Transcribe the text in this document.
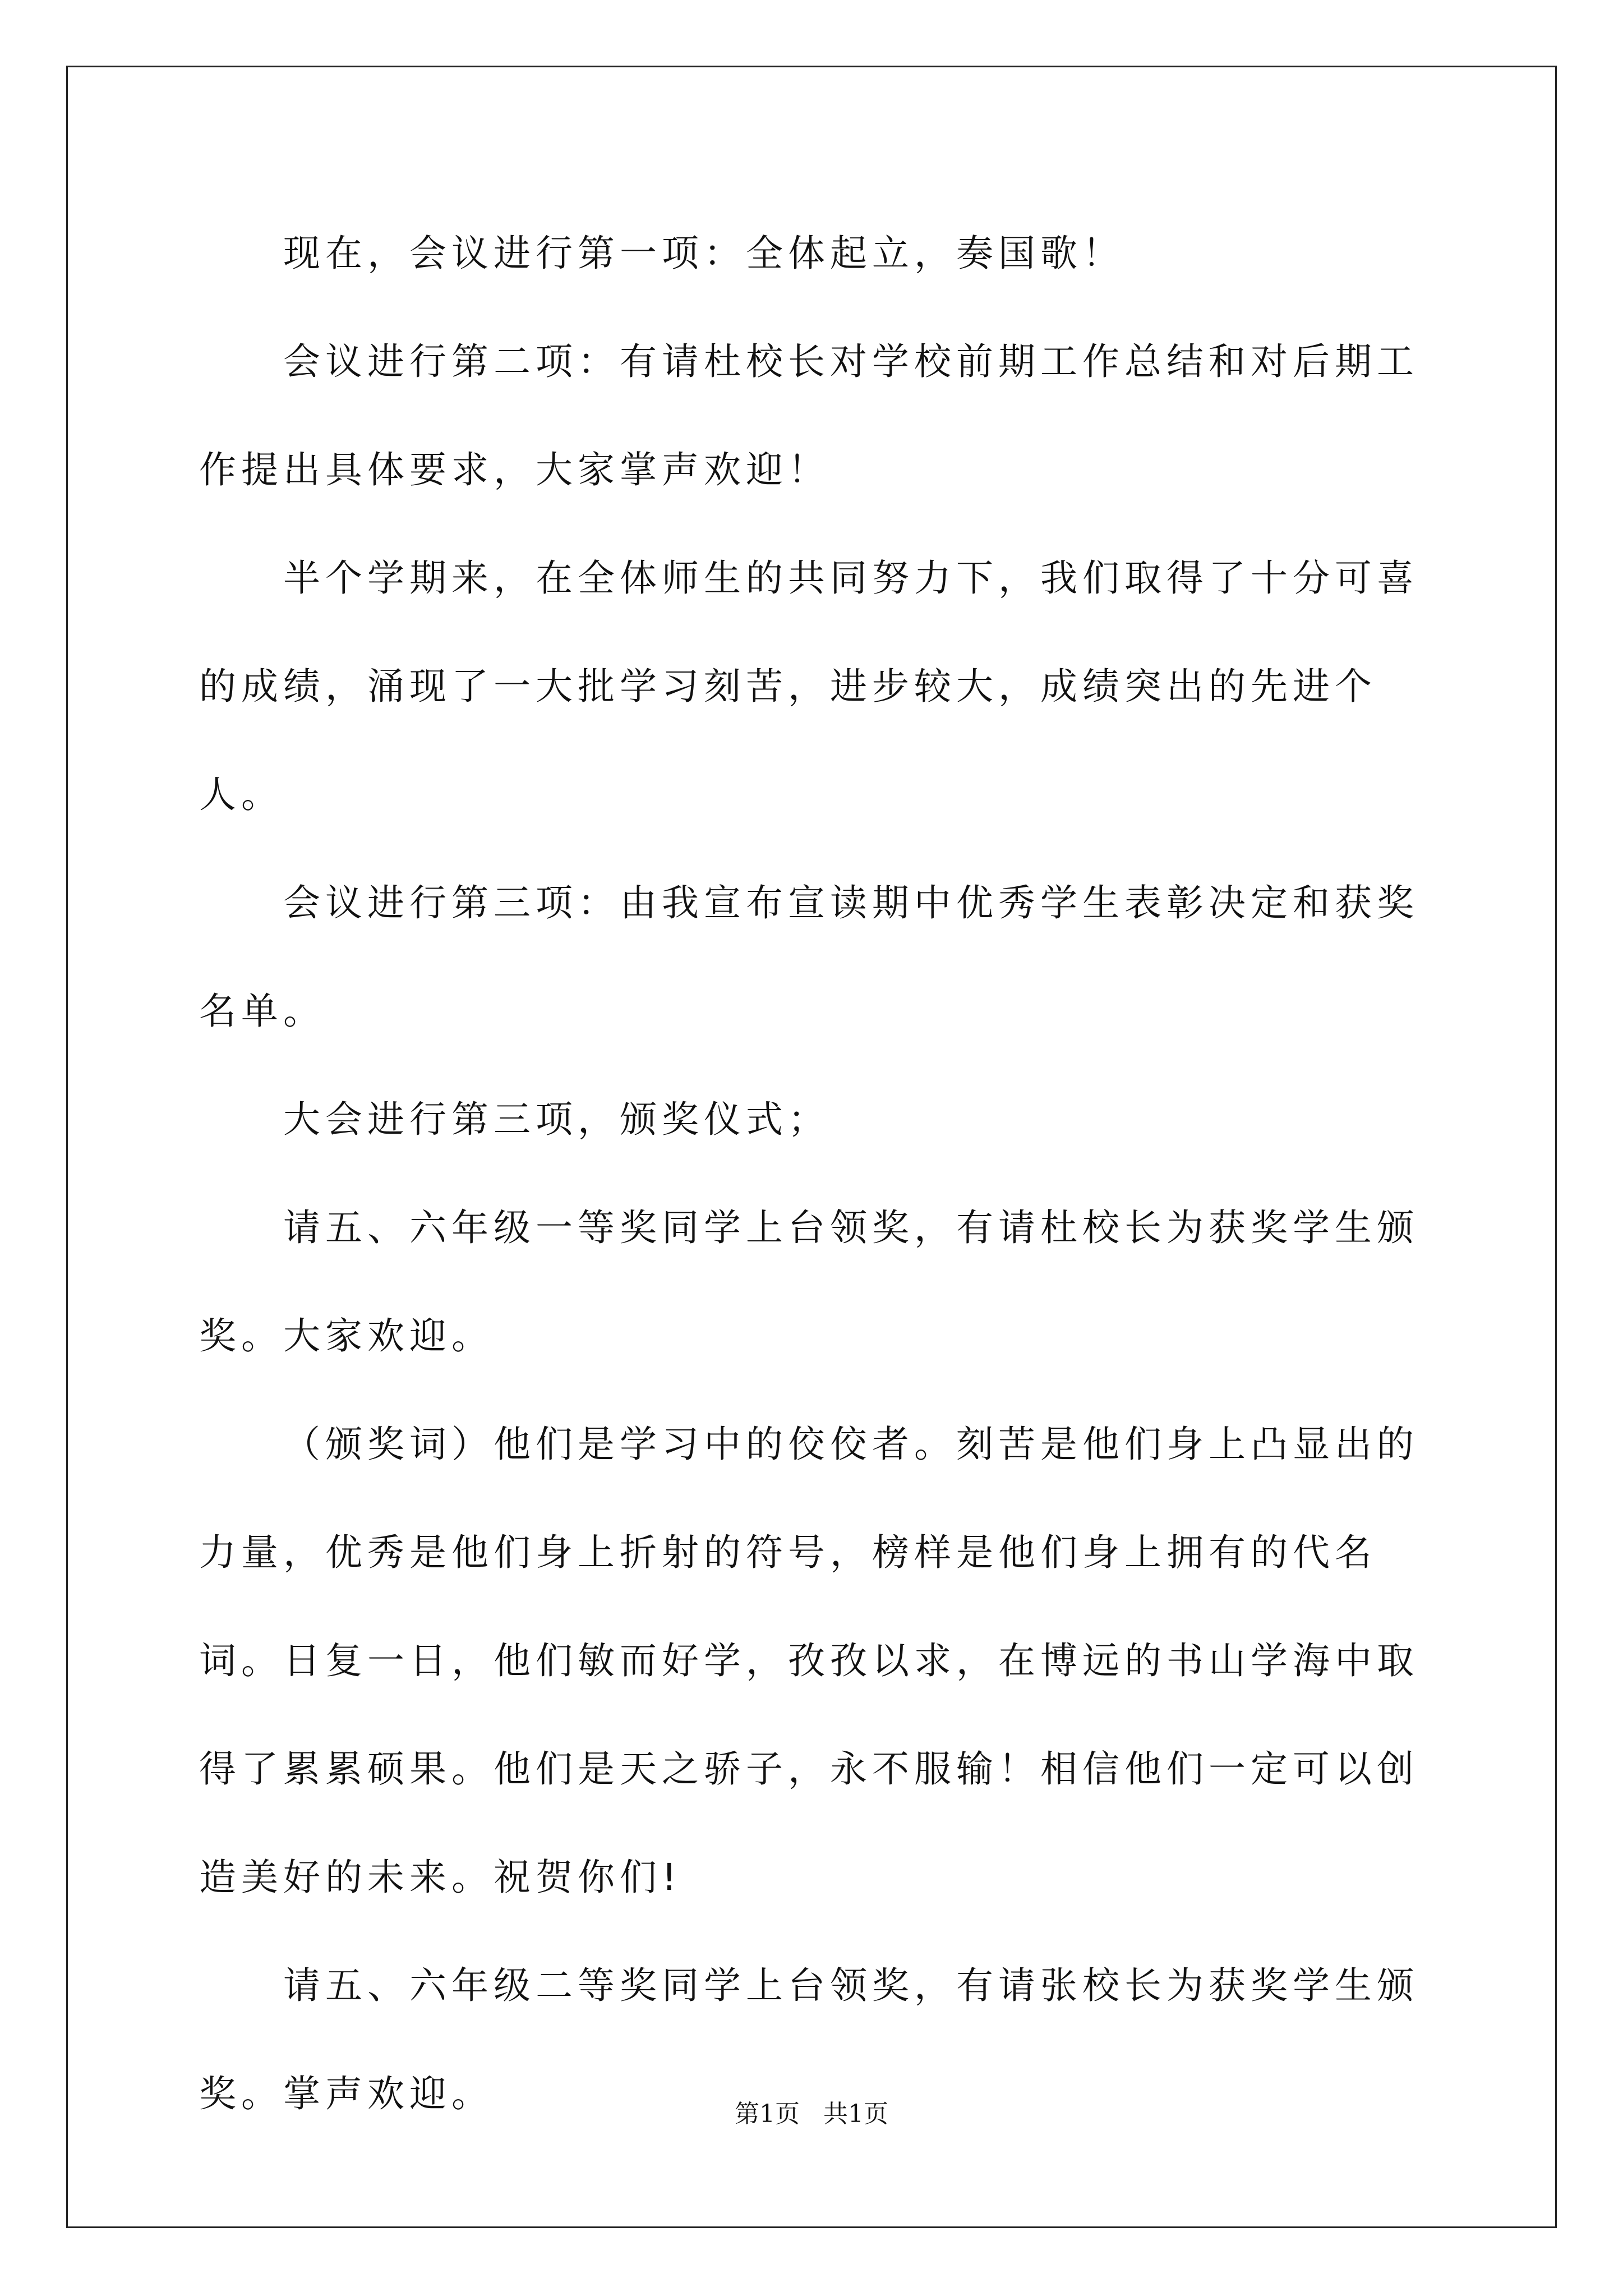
现在，会议进行第一项：全体起立，奏国歌！

会议进行第二项：有请杜校长对学校前期工作总结和对后期工作提出具体要求，大家掌声欢迎！

半个学期来，在全体师生的共同努力下，我们取得了十分可喜的成绩，涌现了一大批学习刻苦，进步较大，成绩突出的先进个人。

会议进行第三项：由我宣布宣读期中优秀学生表彰决定和获奖名单。

大会进行第三项，颁奖仪式；

请五、六年级一等奖同学上台领奖，有请杜校长为获奖学生颁奖。大家欢迎。

（颁奖词）他们是学习中的佼佼者。刻苦是他们身上凸显出的力量，优秀是他们身上折射的符号，榜样是他们身上拥有的代名词。日复一日，他们敏而好学，孜孜以求，在博远的书山学海中取得了累累硕果。他们是天之骄子，永不服输！相信他们一定可以创造美好的未来。祝贺你们!

请五、六年级二等奖同学上台领奖，有请张校长为获奖学生颁奖。掌声欢迎。	第1页 共1页
